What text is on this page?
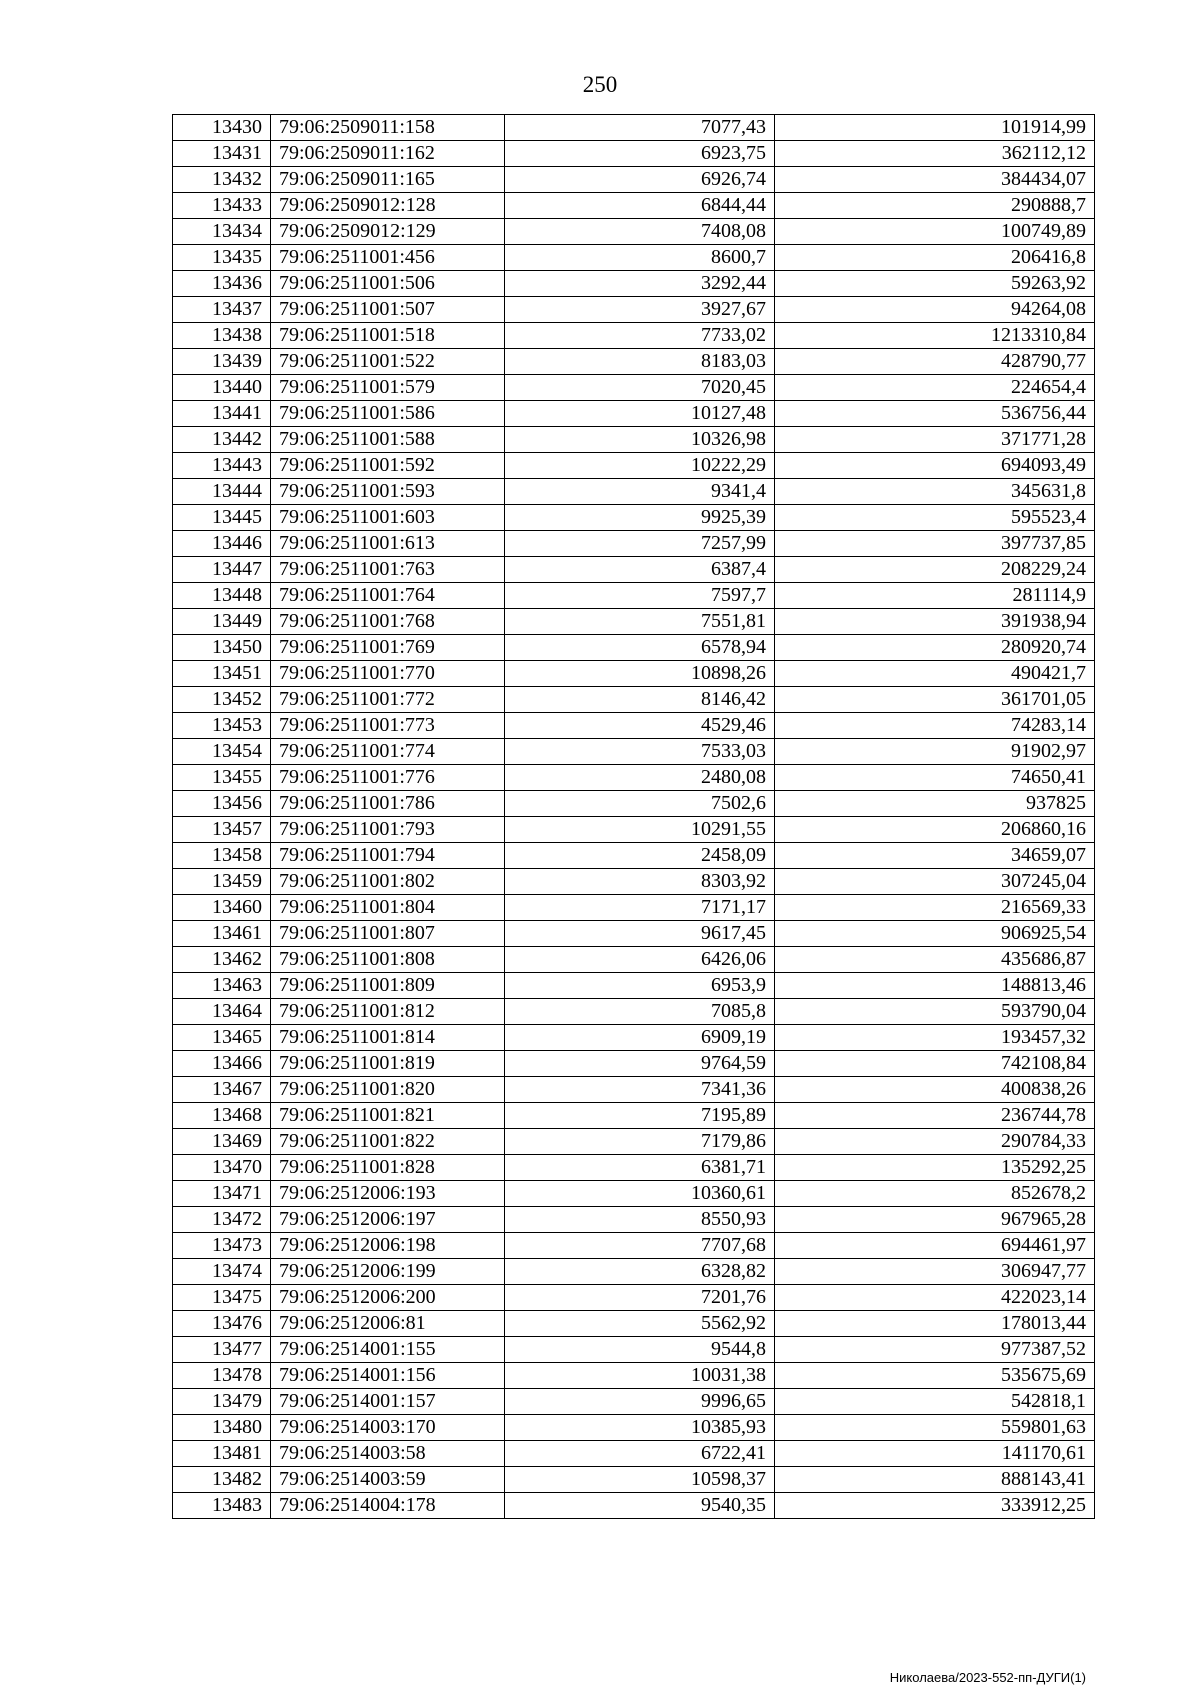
250
13430	79:06:2509011:158	7077,43	101914,99
13431	79:06:2509011:162	6923,75	362112,12
13432	79:06:2509011:165	6926,74	384434,07
13433	79:06:2509012:128	6844,44	290888,7
13434	79:06:2509012:129	7408,08	100749,89
13435	79:06:2511001:456	8600,7	206416,8
13436	79:06:2511001:506	3292,44	59263,92
13437	79:06:2511001:507	3927,67	94264,08
13438	79:06:2511001:518	7733,02	1213310,84
13439	79:06:2511001:522	8183,03	428790,77
13440	79:06:2511001:579	7020,45	224654,4
13441	79:06:2511001:586	10127,48	536756,44
13442	79:06:2511001:588	10326,98	371771,28
13443	79:06:2511001:592	10222,29	694093,49
13444	79:06:2511001:593	9341,4	345631,8
13445	79:06:2511001:603	9925,39	595523,4
13446	79:06:2511001:613	7257,99	397737,85
13447	79:06:2511001:763	6387,4	208229,24
13448	79:06:2511001:764	7597,7	281114,9
13449	79:06:2511001:768	7551,81	391938,94
13450	79:06:2511001:769	6578,94	280920,74
13451	79:06:2511001:770	10898,26	490421,7
13452	79:06:2511001:772	8146,42	361701,05
13453	79:06:2511001:773	4529,46	74283,14
13454	79:06:2511001:774	7533,03	91902,97
13455	79:06:2511001:776	2480,08	74650,41
13456	79:06:2511001:786	7502,6	937825
13457	79:06:2511001:793	10291,55	206860,16
13458	79:06:2511001:794	2458,09	34659,07
13459	79:06:2511001:802	8303,92	307245,04
13460	79:06:2511001:804	7171,17	216569,33
13461	79:06:2511001:807	9617,45	906925,54
13462	79:06:2511001:808	6426,06	435686,87
13463	79:06:2511001:809	6953,9	148813,46
13464	79:06:2511001:812	7085,8	593790,04
13465	79:06:2511001:814	6909,19	193457,32
13466	79:06:2511001:819	9764,59	742108,84
13467	79:06:2511001:820	7341,36	400838,26
13468	79:06:2511001:821	7195,89	236744,78
13469	79:06:2511001:822	7179,86	290784,33
13470	79:06:2511001:828	6381,71	135292,25
13471	79:06:2512006:193	10360,61	852678,2
13472	79:06:2512006:197	8550,93	967965,28
13473	79:06:2512006:198	7707,68	694461,97
13474	79:06:2512006:199	6328,82	306947,77
13475	79:06:2512006:200	7201,76	422023,14
13476	79:06:2512006:81	5562,92	178013,44
13477	79:06:2514001:155	9544,8	977387,52
13478	79:06:2514001:156	10031,38	535675,69
13479	79:06:2514001:157	9996,65	542818,1
13480	79:06:2514003:170	10385,93	559801,63
13481	79:06:2514003:58	6722,41	141170,61
13482	79:06:2514003:59	10598,37	888143,41
13483	79:06:2514004:178	9540,35	333912,25
Николаева/2023-552-пп-ДУГИ(1)
